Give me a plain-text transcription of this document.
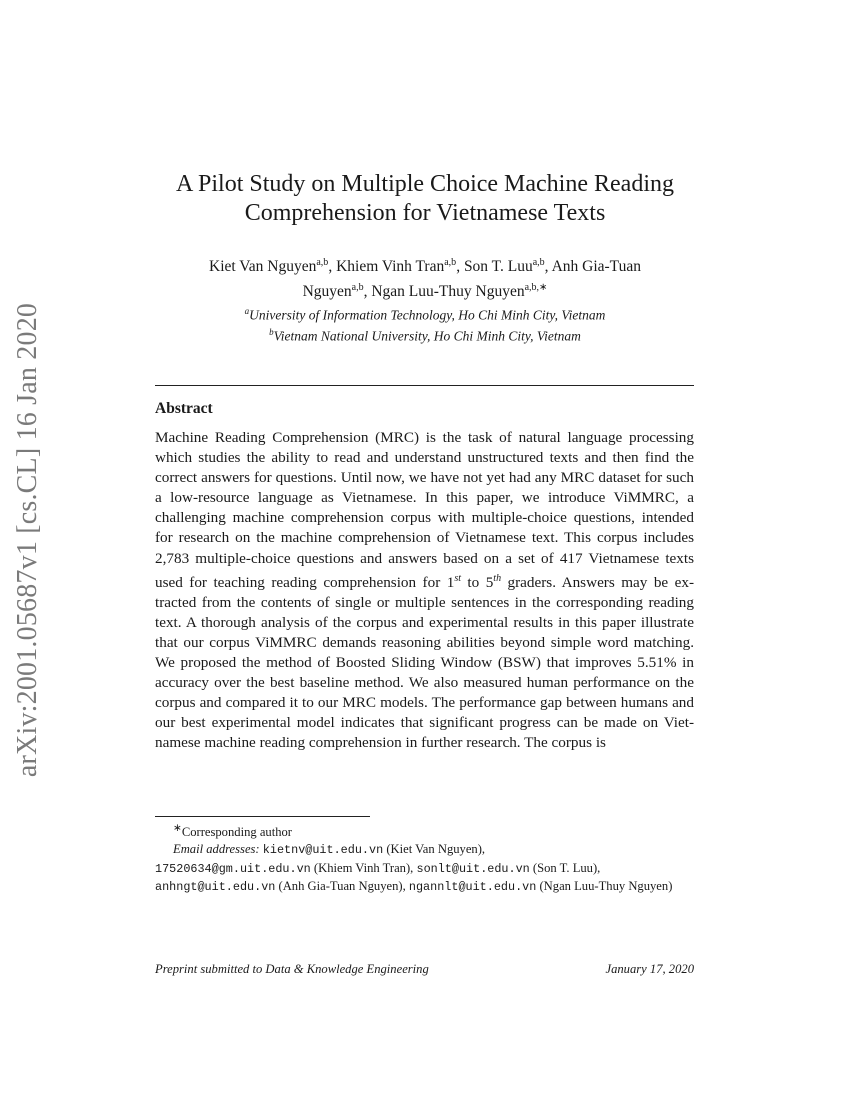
arXiv:2001.05687v1 [cs.CL] 16 Jan 2020
A Pilot Study on Multiple Choice Machine Reading
Comprehension for Vietnamese Texts
Kiet Van Nguyen$^{a,b}$, Khiem Vinh Tran$^{a,b}$, Son T. Luu$^{a,b}$, Anh Gia-Tuan
Nguyen$^{a,b}$, Ngan Luu-Thuy Nguyen$^{a,b,∗}$
$^a$University of Information Technology, Ho Chi Minh City, Vietnam
$^b$Vietnam National University, Ho Chi Minh City, Vietnam
Abstract
Machine Reading Comprehension (MRC) is the task of natural language processing which studies the ability to read and understand unstructured texts and then find the correct answers for questions. Until now, we have not yet had any MRC dataset for such a low-resource language as Vietnamese. In this paper, we introduce ViMMRC, a challenging machine comprehension corpus with multiple-choice questions, intended for research on the machine comprehension of Vietnamese text. This corpus includes 2,783 multiple-choice questions and answers based on a set of 417 Vietnamese texts used for teaching reading comprehension for 1st to 5th graders. Answers may be extracted from the contents of single or multiple sentences in the corresponding reading text. A thorough analysis of the corpus and experimental results in this paper illustrate that our corpus ViMMRC demands reasoning abilities beyond simple word matching. We proposed the method of Boosted Sliding Window (BSW) that improves 5.51% in accuracy over the best baseline method. We also measured human performance on the corpus and compared it to our MRC models. The performance gap between humans and our best experimental model indicates that significant progress can be made on Vietnamese machine reading comprehension in further research. The corpus is
∗Corresponding author
Email addresses: kietnv@uit.edu.vn (Kiet Van Nguyen),
17520634@gm.uit.edu.vn (Khiem Vinh Tran), sonlt@uit.edu.vn (Son T. Luu),
anhngt@uit.edu.vn (Anh Gia-Tuan Nguyen), ngannlt@uit.edu.vn (Ngan Luu-Thuy Nguyen)
Preprint submitted to Data & Knowledge Engineering	January 17, 2020
